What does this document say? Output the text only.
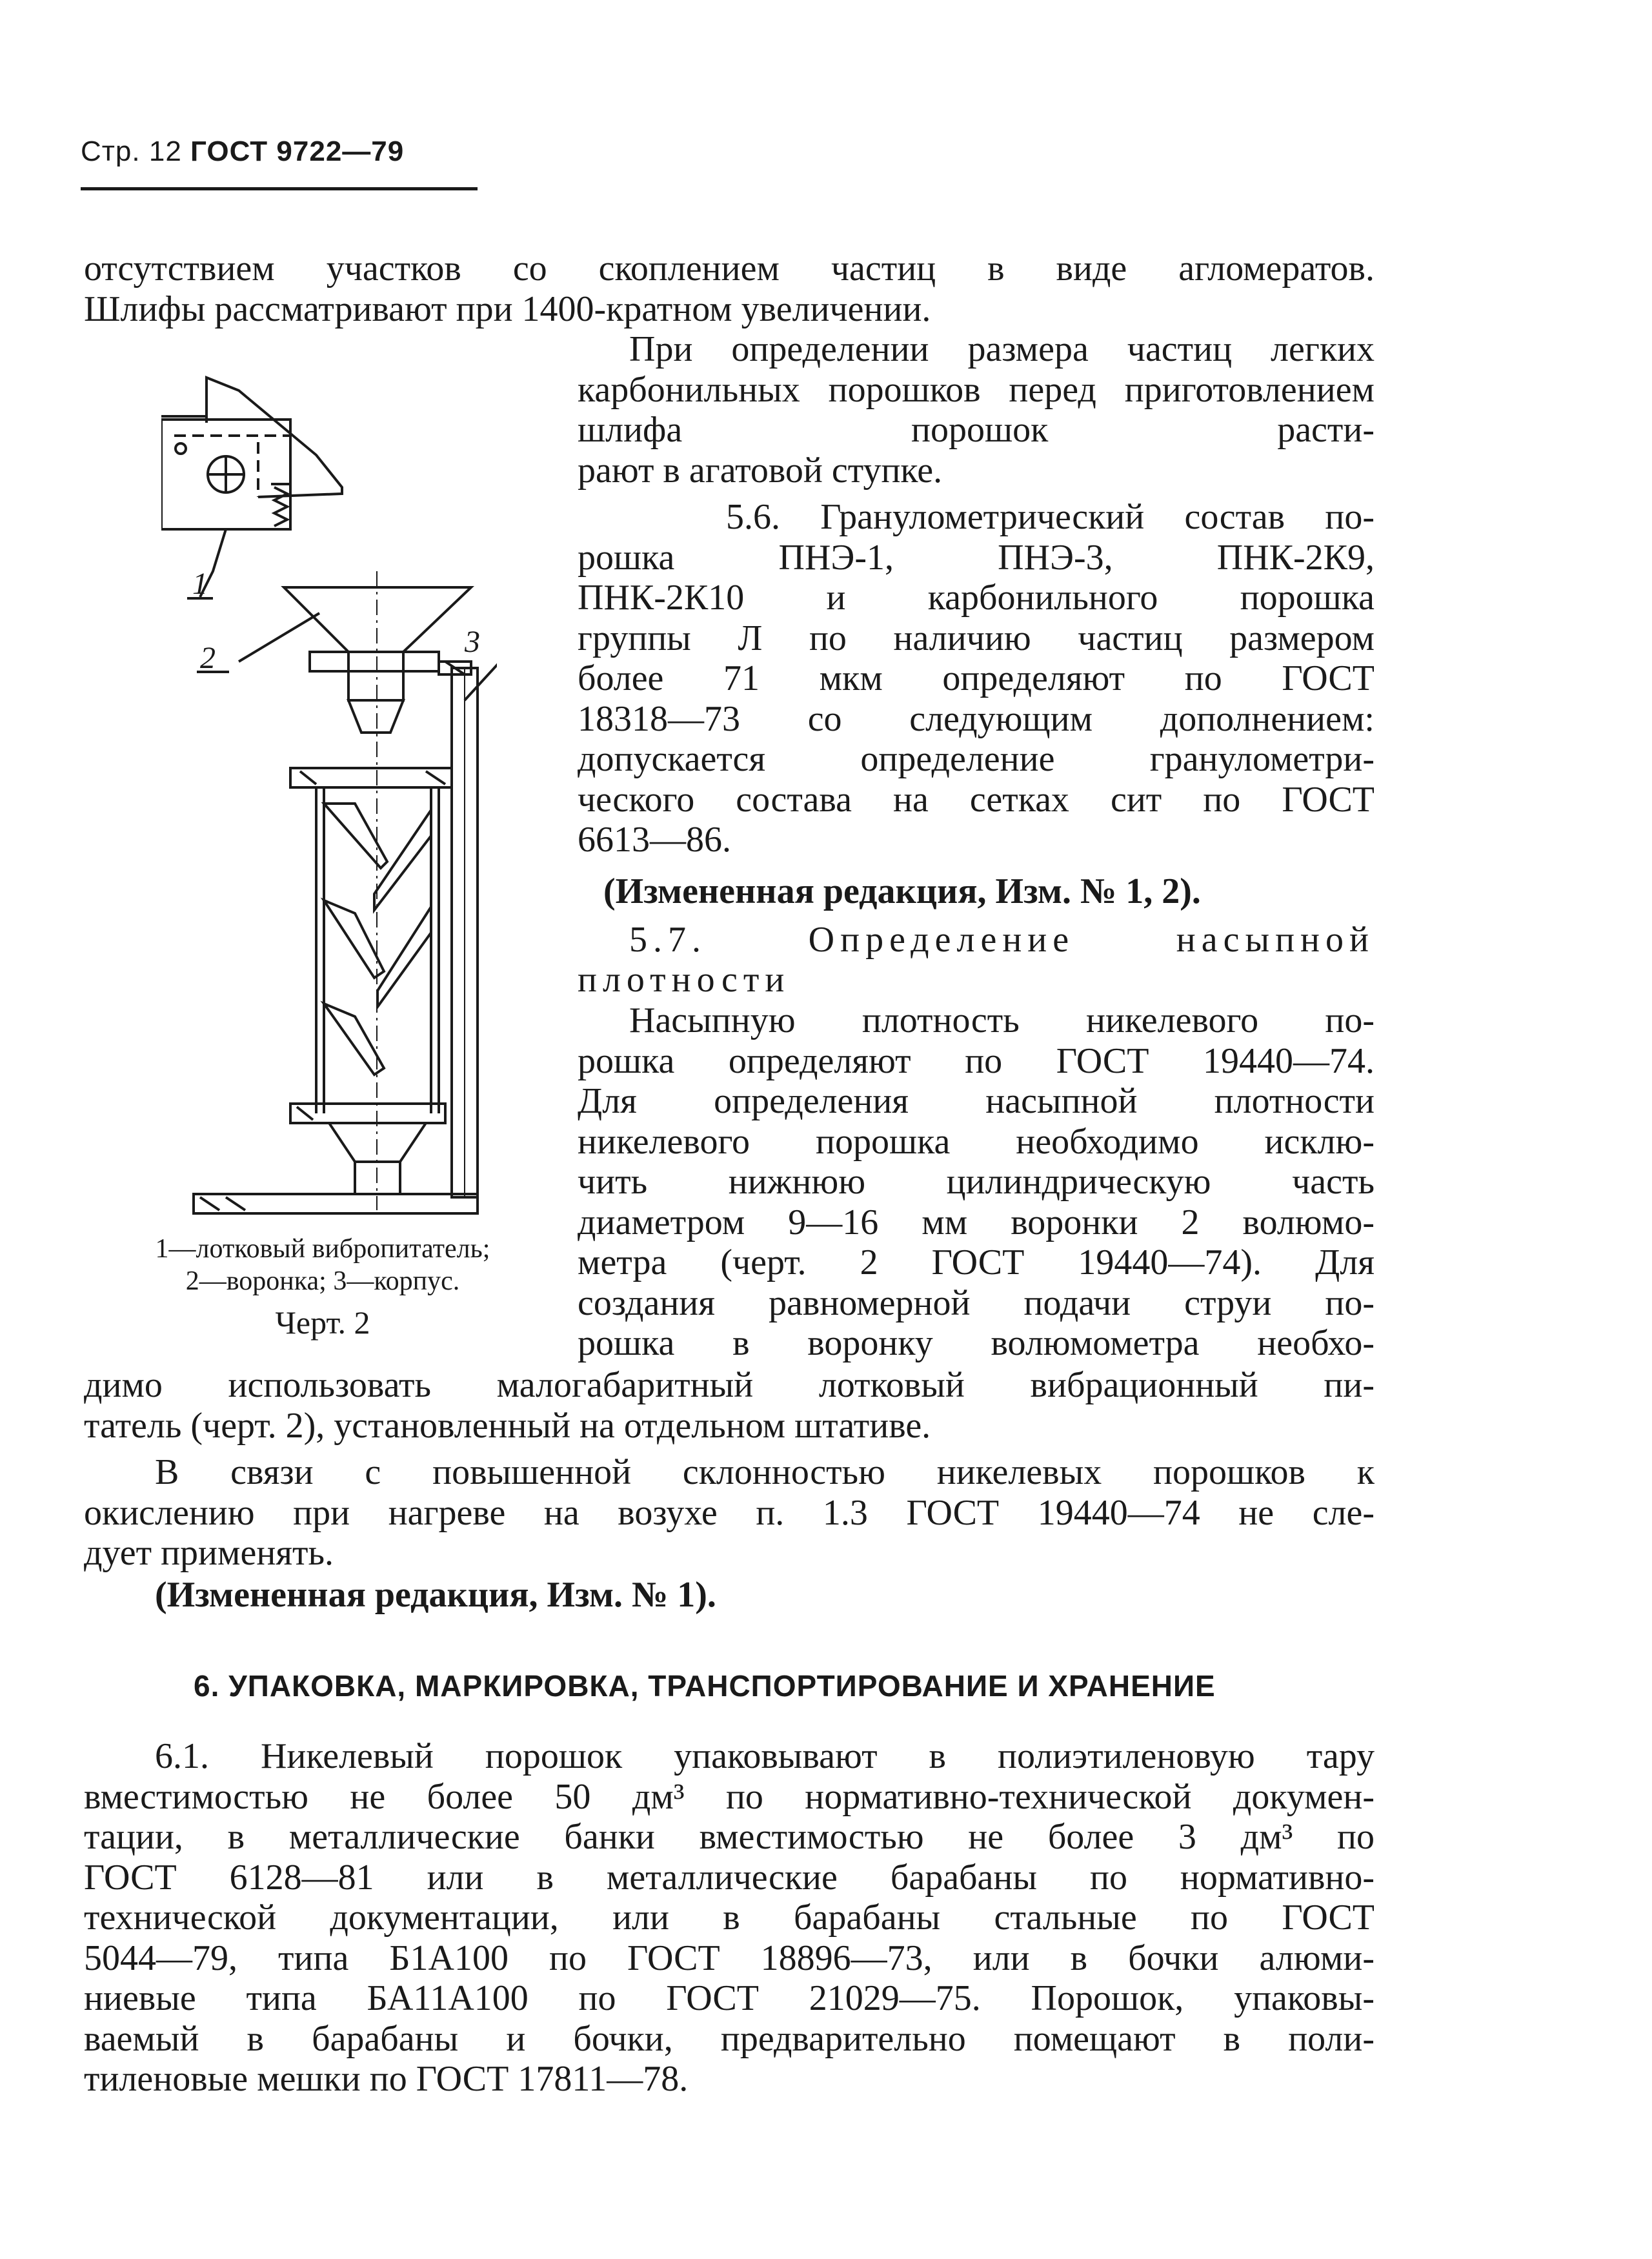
Стр. 12 ГОСТ 9722—79

отсутствием участков со скоплением частиц в виде агломератов.
Шлифы рассматривают при 1400-кратном увеличении.

При определении размера частиц легких карбонильных порошков перед приготовлением шлифа порошок расти-
рают в агатовой ступке.

5.6. Гранулометрический состав по-
рошка ПНЭ-1, ПНЭ-3, ПНК-2К9,
ПНК-2К10 и карбонильного порошка
группы Л по наличию частиц размером
более 71 мкм определяют по ГОСТ
18318—73 со следующим дополнением:
допускается определение гранулометри-
ческого состава на сетках сит по ГОСТ
6613—86.

(Измененная редакция, Изм. № 1, 2).

5.7. Определение насыпной

плотности

Насыпную плотность никелевого по-
рошка определяют по ГОСТ 19440—74.
Для определения насыпной плотности
никелевого порошка необходимо исклю-
чить нижнюю цилиндрическую часть
диаметром 9—16 мм воронки 2 волюмо-
метра (черт. 2 ГОСТ 19440—74). Для
создания равномерной подачи струи по-
рошка в воронку волюмометра необхо-

димо использовать малогабаритный лотковый вибрационный пи-
татель (черт. 2), установленный на отдельном штативе.

В связи с повышенной склонностью никелевых порошков к
окислению при нагреве на возухе п. 1.3 ГОСТ 19440—74 не сле-
дует применять.

(Измененная редакция, Изм. № 1).

6. УПАКОВКА, МАРКИРОВКА, ТРАНСПОРТИРОВАНИЕ И ХРАНЕНИЕ

6.1. Никелевый порошок упаковывают в полиэтиленовую тару
вместимостью не более 50 дм³ по нормативно-технической докумен-
тации, в металлические банки вместимостью не более 3 дм³ по
ГОСТ 6128—81 или в металлические барабаны по нормативно-
технической документации, или в барабаны стальные по ГОСТ
5044—79, типа Б1А100 по ГОСТ 18896—73, или в бочки алюми-
ниевые типа БА11А100 по ГОСТ 21029—75. Порошок, упаковы-
ваемый в барабаны и бочки, предварительно помещают в поли-
тиленовые мешки по ГОСТ 17811—78.

1
2	3
1—лотковый вибропитатель;
2—воронка; 3—корпус.
Черт. 2
